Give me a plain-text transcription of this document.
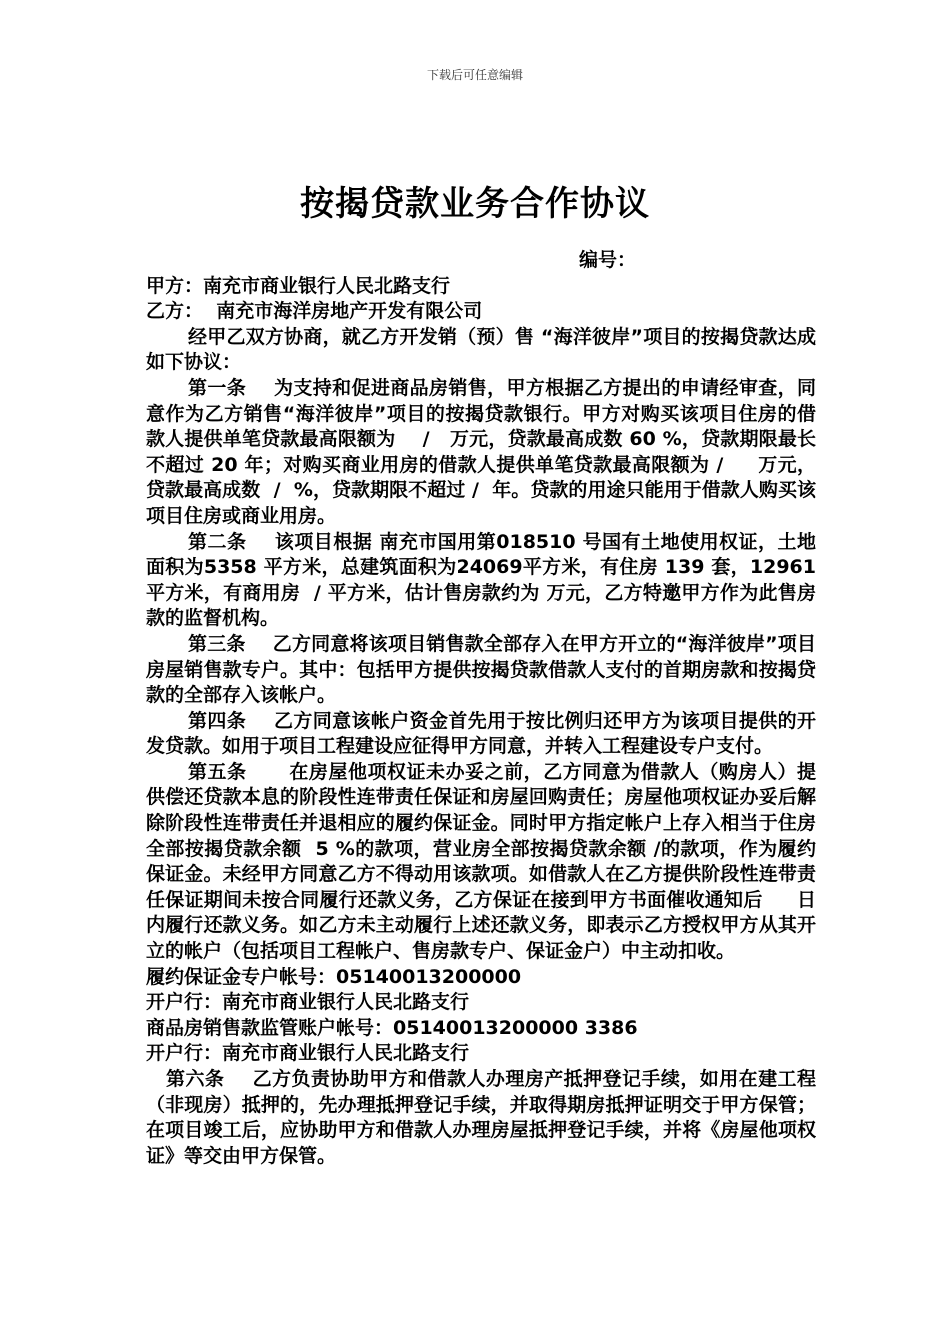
下载后可任意编辑
按揭贷款业务合作协议
编号：
甲方：南充市商业银行人民北路支行
乙方：  南充市海洋房地产开发有限公司
经甲乙双方协商，就乙方开发销（预）售 “海洋彼岸”项目的按揭贷款达成如下协议：
第一条    为支持和促进商品房销售，甲方根据乙方提出的申请经审查，同意作为乙方销售“海洋彼岸”项目的按揭贷款银行。甲方对购买该项目住房的借款人提供单笔贷款最高限额为    /   万元，贷款最高成数 60 %，贷款期限最长不超过 20 年；对购买商业用房的借款人提供单笔贷款最高限额为 /     万元，贷款最高成数  /  %，贷款期限不超过 /  年。贷款的用途只能用于借款人购买该项目住房或商业用房。
第二条    该项目根据 南充市国用第018510 号国有土地使用权证，土地面积为5358 平方米，总建筑面积为24069平方米，有住房 139 套，12961平方米，有商用房  / 平方米，估计售房款约为 万元，乙方特邀甲方作为此售房款的监督机构。
第三条    乙方同意将该项目销售款全部存入在甲方开立的“海洋彼岸”项目房屋销售款专户。其中：包括甲方提供按揭贷款借款人支付的首期房款和按揭贷款的全部存入该帐户。
第四条    乙方同意该帐户资金首先用于按比例归还甲方为该项目提供的开发贷款。如用于项目工程建设应征得甲方同意，并转入工程建设专户支付。
第五条      在房屋他项权证未办妥之前，乙方同意为借款人（购房人）提供偿还贷款本息的阶段性连带责任保证和房屋回购责任；房屋他项权证办妥后解除阶段性连带责任并退相应的履约保证金。同时甲方指定帐户上存入相当于住房全部按揭贷款余额  5 %的款项，营业房全部按揭贷款余额 /的款项，作为履约保证金。未经甲方同意乙方不得动用该款项。如借款人在乙方提供阶段性连带责任保证期间未按合同履行还款义务，乙方保证在接到甲方书面催收通知后     日内履行还款义务。如乙方未主动履行上述还款义务，即表示乙方授权甲方从其开立的帐户（包括项目工程帐户、售房款专户、保证金户）中主动扣收。
履约保证金专户帐号：05140013200000
开户行：南充市商业银行人民北路支行
商品房销售款监管账户帐号：05140013200000 3386
开户行：南充市商业银行人民北路支行
第六条    乙方负责协助甲方和借款人办理房产抵押登记手续，如用在建工程（非现房）抵押的，先办理抵押登记手续，并取得期房抵押证明交于甲方保管；在项目竣工后，应协助甲方和借款人办理房屋抵押登记手续，并将《房屋他项权证》等交由甲方保管。
